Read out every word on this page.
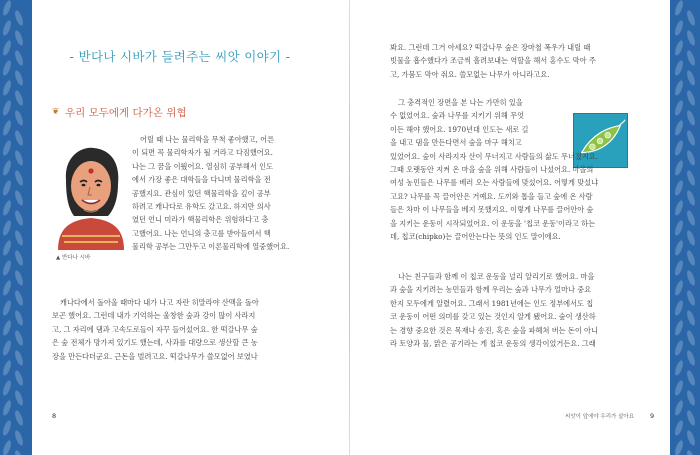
- 반다나 시바가 들려주는 씨앗 이야기 -
❦ 우리 모두에게 다가온 위협
▲ 반다나 시바
어릴 때 나는 물리학을 무척 좋아했고, 어른
이 되면 꼭 물리학자가 될 거라고 다짐했어요.
나는 그 꿈을 이뤘어요. 열심히 공부해서 인도
에서 가장 좋은 대학들을 다니며 물리학을 전
공했지요. 관심이 있던 핵물리학을 깊이 공부
하려고 캐나다로 유학도 갔고요. 하지만 의사
였던 언니 미라가 핵물리학은 위험하다고 충
고했어요. 나는 언니의 충고를 받아들여서 핵
물리학 공부는 그만두고 이론물리학에 열중했어요.
캐나다에서 돌아올 때마다 내가 나고 자란 히말라야 산맥을 돌아
보곤 했어요. 그런데 내가 기억하는 울창한 숲과 강이 많이 사라지
고, 그 자리에 댐과 고속도로들이 자꾸 들어섰어요. 한 떡갈나무 숲
은 숲 전체가 망가져 있기도 했는데, 사과를 대량으로 생산할 큰 농
장을 만든다더군요. 근돈을 벌려고요. 떡갈나무가 쓸모없어 보였나
8
봐요. 그런데 그거 아세요? 떡갈나무 숲은 장마철 폭우가 내릴 때
빗물을 흡수했다가 조금씩 흘려보내는 역할을 해서 홍수도 막아 주
고, 가뭄도 막아 줘요. 쓸모없는 나무가 아니라고요.
그 충격적인 장면을 본 나는 가만히 있을
수 없었어요. 숲과 나무를 지키기 위해 무엇
이든 해야 했어요. 1970년대 인도는 새로 길
을 내고 댐을 만든다면서 숲을 마구 해치고
있었어요. 숲이 사라지자 산이 무너지고 사람들의 삶도 무너졌지요.
그때 오랫동안 지켜 온 마을 숲을 위해 사람들이 나섰어요. 마을의
여성 농민들은 나무를 베러 오는 사람들에 맞섰어요. 어떻게 맞섰냐
고요? 나무를 꼭 끌어안은 거예요. 도끼와 톱을 들고 숲에 온 사람
들은 차마 이 나무들을 베지 못했지요. 이렇게 나무를 끌어안아 숲
을 지키는 운동이 시작되었어요. 이 운동을 '칩코 운동'이라고 하는
데, 칩코(chipko)는 끌어안는다는 뜻의 인도 말이에요.
나는 친구들과 함께 이 칩코 운동을 널리 알리기로 했어요. 마을
과 숲을 지키려는 농민들과 함께 우리는 숲과 나무가 얼마나 중요
한지 모두에게 알렸어요. 그래서 1981년에는 인도 정부에서도 칩
코 운동이 어떤 의미를 갖고 있는 것인지 알게 됐어요. 숲이 생산하
는 경향 중요한 것은 목재나 송진, 혹은 숲을 파헤쳐 버는 돈이 아니
라 토양과 물, 맑은 공기라는 게 칩코 운동의 생각이었거든요. 그래
씨앗이 앞에야 우리가 살아요 9
